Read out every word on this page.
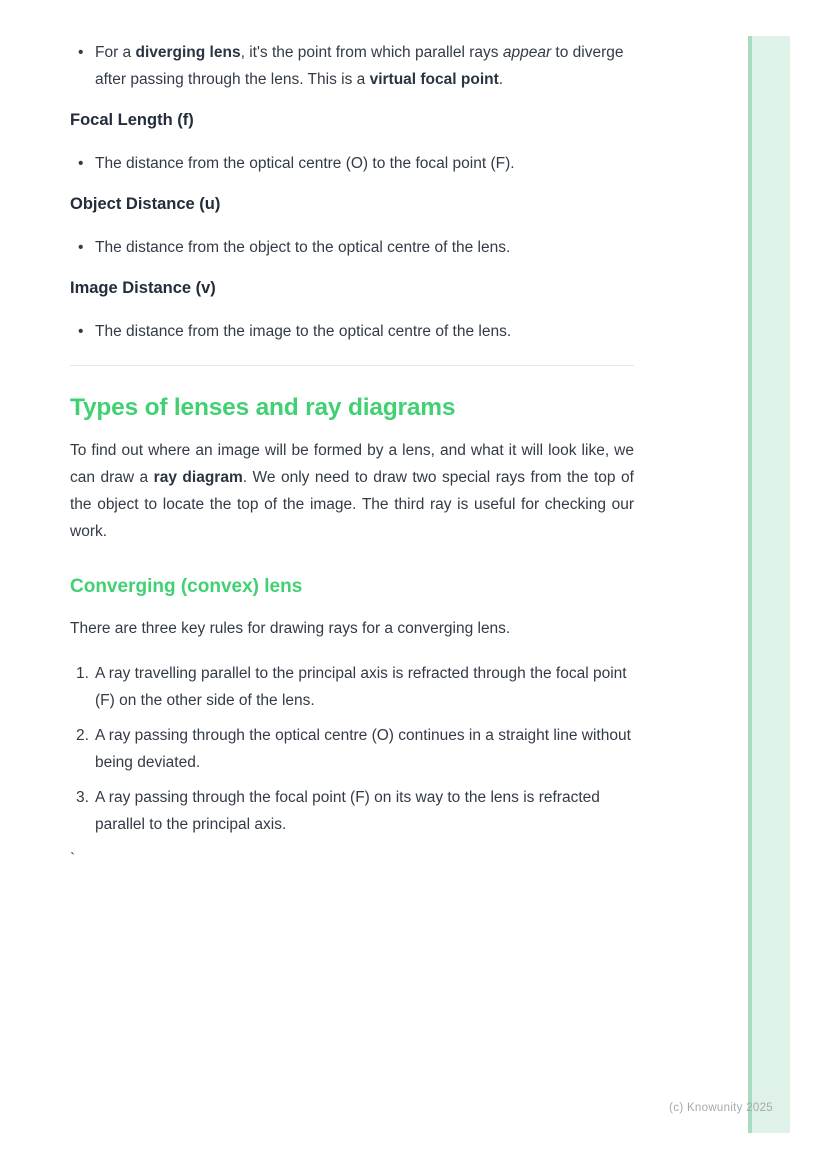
(c) Knowunity 2025
• For a diverging lens, it's the point from which parallel rays appear to diverge after passing through the lens. This is a virtual focal point.
Focal Length (f)
• The distance from the optical centre (O) to the focal point (F).
Object Distance (u)
• The distance from the object to the optical centre of the lens.
Image Distance (v)
• The distance from the image to the optical centre of the lens.
Types of lenses and ray diagrams

To find out where an image will be formed by a lens, and what it will look like, we can draw a ray diagram. We only need to draw two special rays from the top of the object to locate the top of the image. The third ray is useful for checking our work.

Converging (convex) lens

There are three key rules for drawing rays for a converging lens.

1. A ray travelling parallel to the principal axis is refracted through the focal point (F) on the other side of the lens.
2. A ray passing through the optical centre (O) continues in a straight line without being deviated.
3. A ray passing through the focal point (F) on its way to the lens is refracted parallel to the principal axis.

`
